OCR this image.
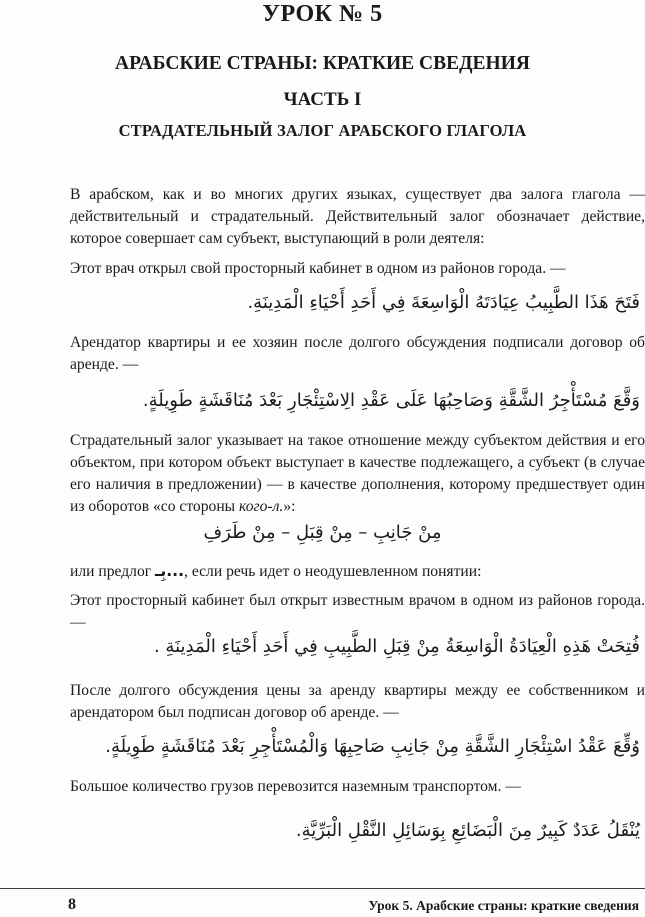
УРОК № 5
АРАБСКИЕ СТРАНЫ: КРАТКИЕ СВЕДЕНИЯ
ЧАСТЬ I
СТРАДАТЕЛЬНЫЙ ЗАЛОГ АРАБСКОГО ГЛАГОЛА
В арабском, как и во многих других языках, существует два залога глагола — действительный и страдательный. Действительный залог обозначает действие, которое совершает сам субъект, выступающий в роли деятеля:
Этот врач открыл свой просторный кабинет в одном из районов города. —
فَتَحَ هَذَا الطَّبِيبُ عِيَادَتَهُ الْوَاسِعَةَ فِي أَحَدِ أَحْيَاءِ الْمَدِينَةِ.
Арендатор квартиры и ее хозяин после долгого обсуждения подписали договор об аренде. —
وَقَّعَ مُسْتَأْجِرُ الشَّقَّةِ وَصَاحِبُهَا عَلَى عَقْدِ الِاسْتِئْجَارِ بَعْدَ مُنَاقَشَةٍ طَوِيلَةٍ.
Страдательный залог указывает на такое отношение между субъектом действия и его объектом, при котором объект выступает в качестве подлежащего, а субъект (в случае его наличия в предложении) — в качестве дополнения, которому предшествует один из оборотов «со стороны кого-л.»:
مِنْ جَانِبِ – مِنْ قِبَلِ – مِنْ طَرَفِ
или предлог بِـ..., если речь идет о неодушевленном понятии:
Этот просторный кабинет был открыт известным врачом в одном из районов города. —
فُتِحَتْ هَذِهِ الْعِيَادَةُ الْوَاسِعَةُ مِنْ قِبَلِ الطَّبِيبِ فِي أَحَدِ أَحْيَاءِ الْمَدِينَةِ .
После долгого обсуждения цены за аренду квартиры между ее собственником и арендатором был подписан договор об аренде. —
وُقِّعَ عَقْدُ اسْتِئْجَارِ الشَّقَّةِ مِنْ جَانِبِ صَاحِبِهَا وَالْمُسْتَأْجِرِ بَعْدَ مُنَاقَشَةٍ طَوِيلَةٍ.
Большое количество грузов перевозится наземным транспортом. —
يُنْقَلُ عَدَدٌ كَبِيرٌ مِنَ الْبَضَائِعِ بِوَسَائِلِ النَّقْلِ الْبَرِّيَّةِ.
8	Урок 5. Арабские страны: краткие сведения
